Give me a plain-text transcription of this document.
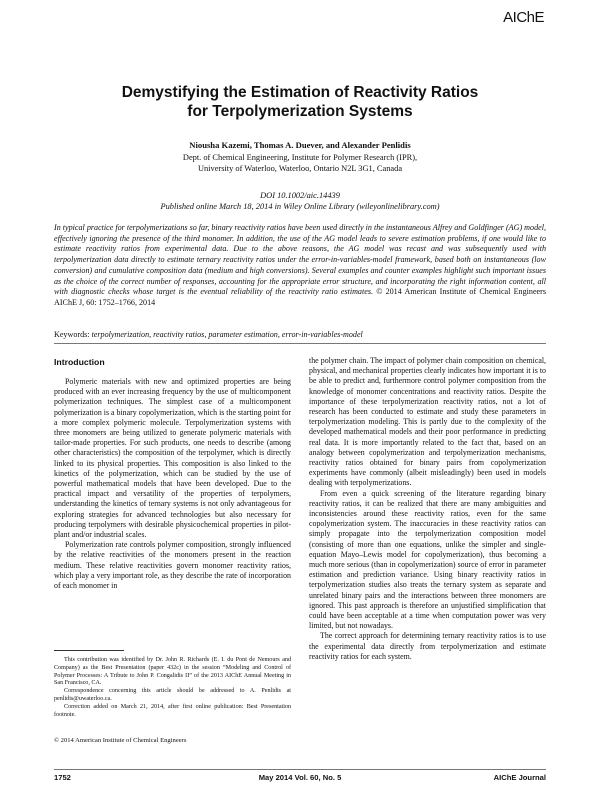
AIChE
Demystifying the Estimation of Reactivity Ratios
for Terpolymerization Systems
Niousha Kazemi, Thomas A. Duever, and Alexander Penlidis
Dept. of Chemical Engineering, Institute for Polymer Research (IPR),
University of Waterloo, Waterloo, Ontario N2L 3G1, Canada
DOI 10.1002/aic.14439
Published online March 18, 2014 in Wiley Online Library (wileyonlinelibrary.com)
In typical practice for terpolymerizations so far, binary reactivity ratios have been used directly in the instantaneous Alfrey and Goldfinger (AG) model, effectively ignoring the presence of the third monomer. In addition, the use of the AG model leads to severe estimation problems, if one would like to estimate reactivity ratios from experimental data. Due to the above reasons, the AG model was recast and was subsequently used with terpolymerization data directly to estimate ternary reactivity ratios under the error-in-variables-model framework, based both on instantaneous (low conversion) and cumulative composition data (medium and high conversions). Several examples and counter examples highlight such important issues as the choice of the correct number of responses, accounting for the appropriate error structure, and incorporating the right information content, all with diagnostic checks whose target is the eventual reliability of the reactivity ratio estimates. © 2014 American Institute of Chemical Engineers AIChE J, 60: 1752–1766, 2014
Keywords: terpolymerization, reactivity ratios, parameter estimation, error-in-variables-model
Introduction

Polymeric materials with new and optimized properties are being produced with an ever increasing frequency by the use of multicomponent polymerization techniques. The simplest case of a multicomponent polymerization is a binary copolymerization, which is the starting point for a more complex polymeric molecule. Terpolymerization systems with three monomers are being utilized to generate polymeric materials with tailor-made properties. For such products, one needs to describe (among other characteristics) the composition of the terpolymer, which is directly linked to its physical properties. This composition is also linked to the kinetics of the polymerization, which can be studied by the use of powerful mathematical models that have been developed. Due to the practical impact and versatility of the properties of terpolymers, understanding the kinetics of ternary systems is not only advantageous for exploring strategies for advanced technologies but also necessary for producing terpolymers with desirable physicochemical properties in pilot-plant and/or industrial scales.

Polymerization rate controls polymer composition, strongly influenced by the relative reactivities of the monomers present in the reaction medium. These relative reactivities govern monomer reactivity ratios, which play a very important role, as they describe the rate of incorporation of each monomer in

the polymer chain. The impact of polymer chain composition on chemical, physical, and mechanical properties clearly indicates how important it is to be able to predict and, furthermore control polymer composition from the knowledge of monomer concentrations and reactivity ratios. Despite the importance of these terpolymerization reactivity ratios, not a lot of research has been conducted to estimate and study these parameters in terpolymerization modeling. This is partly due to the complexity of the developed mathematical models and their poor performance in predicting real data. It is more importantly related to the fact that, based on an analogy between copolymerization and terpolymerization mechanisms, reactivity ratios obtained for binary pairs from copolymerization experiments have commonly (albeit misleadingly) been used in models dealing with terpolymerizations.

From even a quick screening of the literature regarding binary reactivity ratios, it can be realized that there are many ambiguities and inconsistencies around these reactivity ratios, even for the same copolymerization system. The inaccuracies in these reactivity ratios can simply propagate into the terpolymerization composition model (consisting of more than one equations, unlike the simpler and single-equation Mayo–Lewis model for copolymerization), thus becoming a much more serious (than in copolymerization) source of error in parameter estimation and prediction variance. Using binary reactivity ratios in terpolymerization studies also treats the ternary system as separate and unrelated binary pairs and the interactions between three monomers are ignored. This past approach is therefore an unjustified simplification that could have been acceptable at a time when computation power was very limited, but not nowadays.

The correct approach for determining ternary reactivity ratios is to use the experimental data directly from terpolymerization and estimate reactivity ratios for each system.

This contribution was identified by Dr. John R. Richards (E. I. du Pont de Nemours and Company) as the Best Presentation (paper 432c) in the session “Modeling and Control of Polymer Processes: A Tribute to John P. Congalidis II” of the 2013 AIChE Annual Meeting in San Francisco, CA.

Correspondence concerning this article should be addressed to A. Penlidis at penlidis@uwaterloo.ca.

Correction added on March 21, 2014, after first online publication: Best Presentation footnote.

© 2014 American Institute of Chemical Engineers
1752	May 2014 Vol. 60, No. 5	AIChE Journal
